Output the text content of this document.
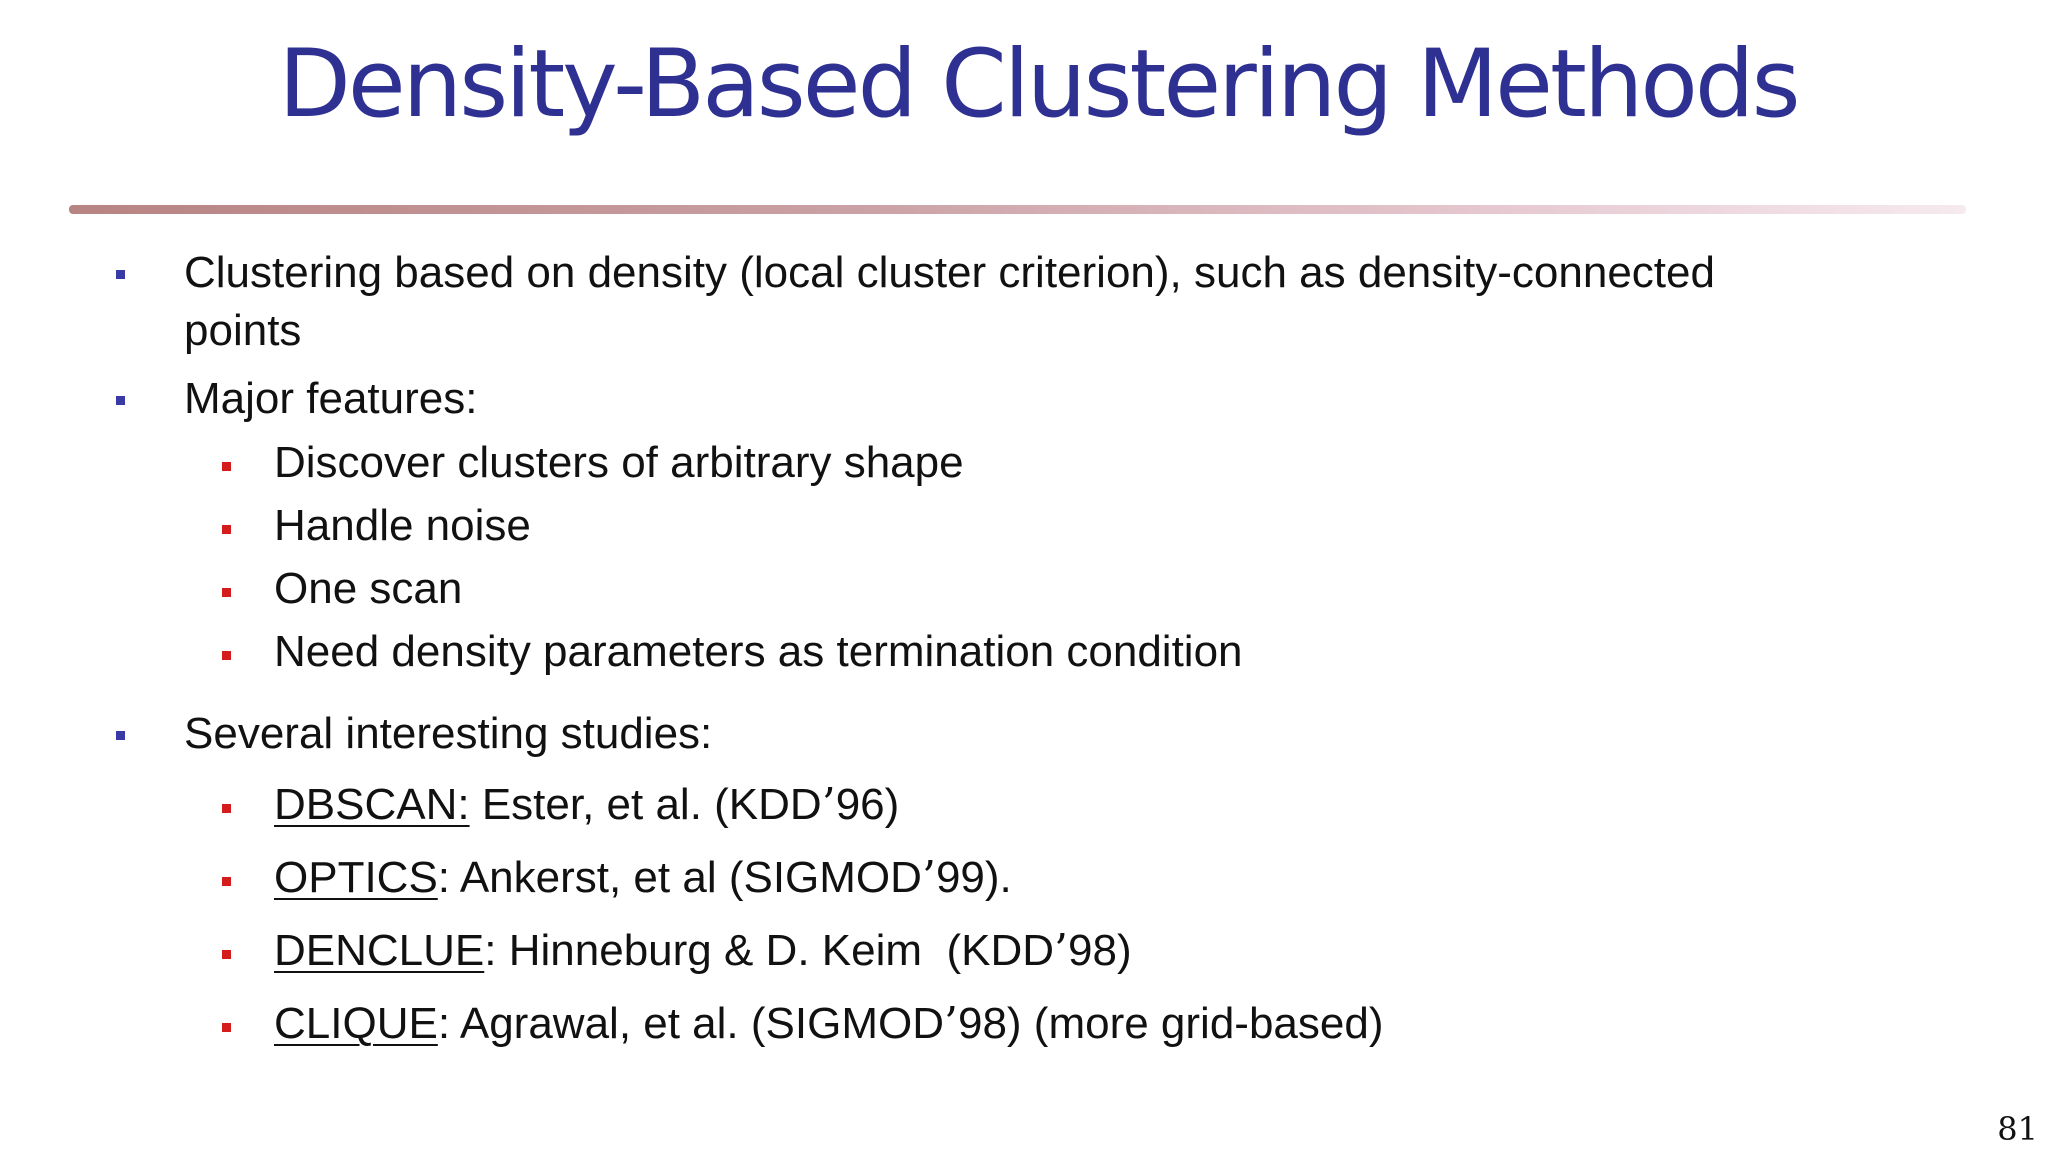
Density-Based Clustering Methods
Clustering based on density (local cluster criterion), such as density-connected
points
Major features:
Discover clusters of arbitrary shape
Handle noise
One scan
Need density parameters as termination condition
Several interesting studies:
DBSCAN: Ester, et al. (KDD’96)
OPTICS: Ankerst, et al (SIGMOD’99).
DENCLUE: Hinneburg & D. Keim  (KDD’98)
CLIQUE: Agrawal, et al. (SIGMOD’98) (more grid-based)
81
